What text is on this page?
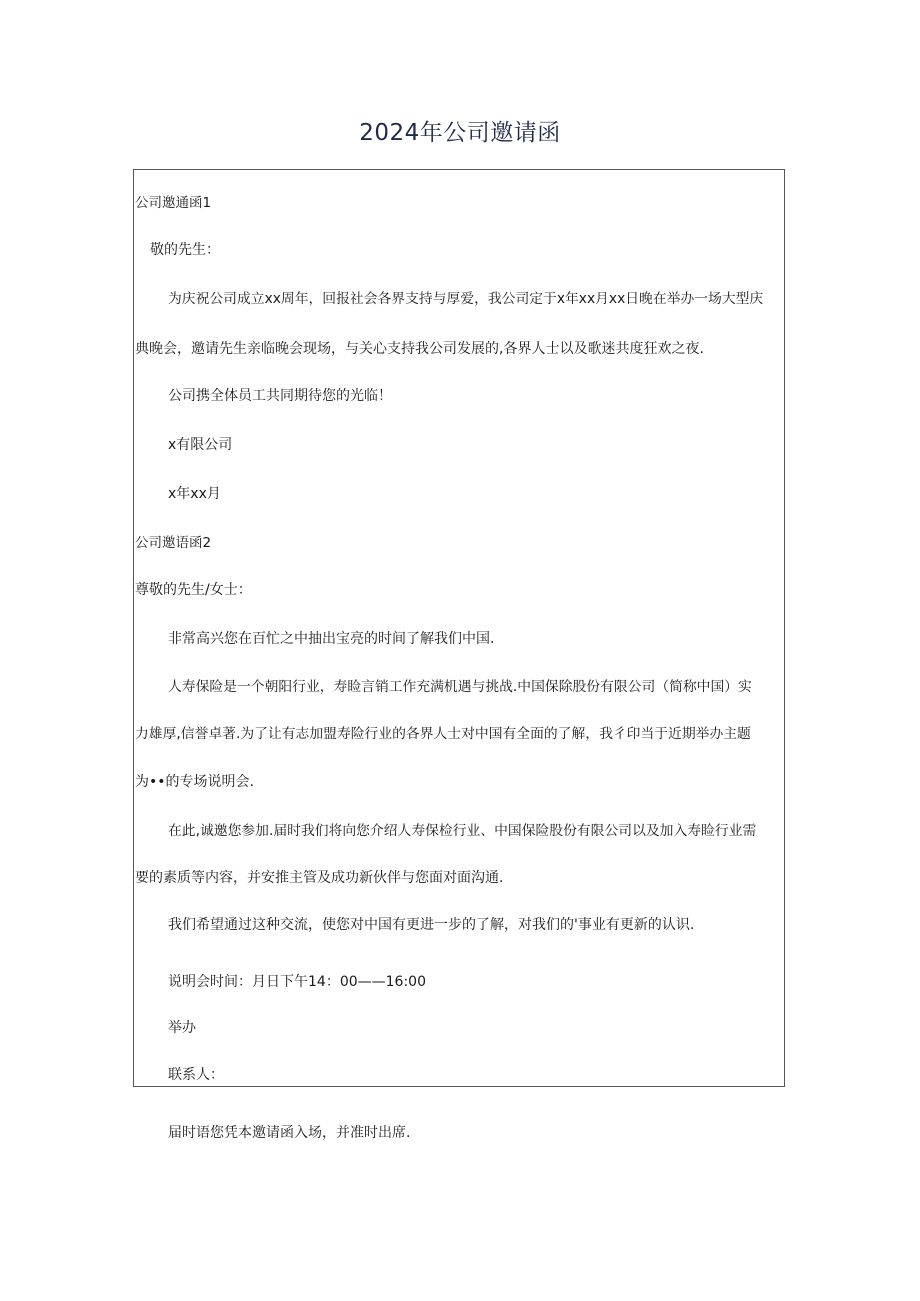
2024年公司邀请函
公司邀通函1
敬的先生：
为庆祝公司成立xx周年，回报社会各界支持与厚爱，我公司定于x年xx月xx日晚在举办一场大型庆
典晚会，邀请先生亲临晚会现场，与关心支持我公司发展的,各界人士以及歌迷共度狂欢之夜.
公司携全体员工共同期待您的光临！
x有限公司
x年xx月
公司邀语函2
尊敬的先生/女士：
非常高兴您在百忙之中抽出宝亮的时间了解我们中国.
人寿保险是一个朝阳行业，寿睑言销工作充满机遇与挑战.中国保除股份有限公司（简称中国）实
力雄厚,信誉卓著.为了让有志加盟寿险行业的各界人士对中国有全面的了解，我彳印当于近期举办主题
为••的专场说明会.
在此,诚邀您参加.届时我们将向您介绍人寿保检行业、中国保险股份有限公司以及加入寿睑行业需
要的素质等内容，并安推主管及成功新伙伴与您面对面沟通.
我们希望通过这种交流，使您对中国有更进一步的了解，对我们的'事业有更新的认识.
说明会时间：月日下午14：00——16:00
举办
联系人：
届时语您凭本邀请函入场，并准时出席.
